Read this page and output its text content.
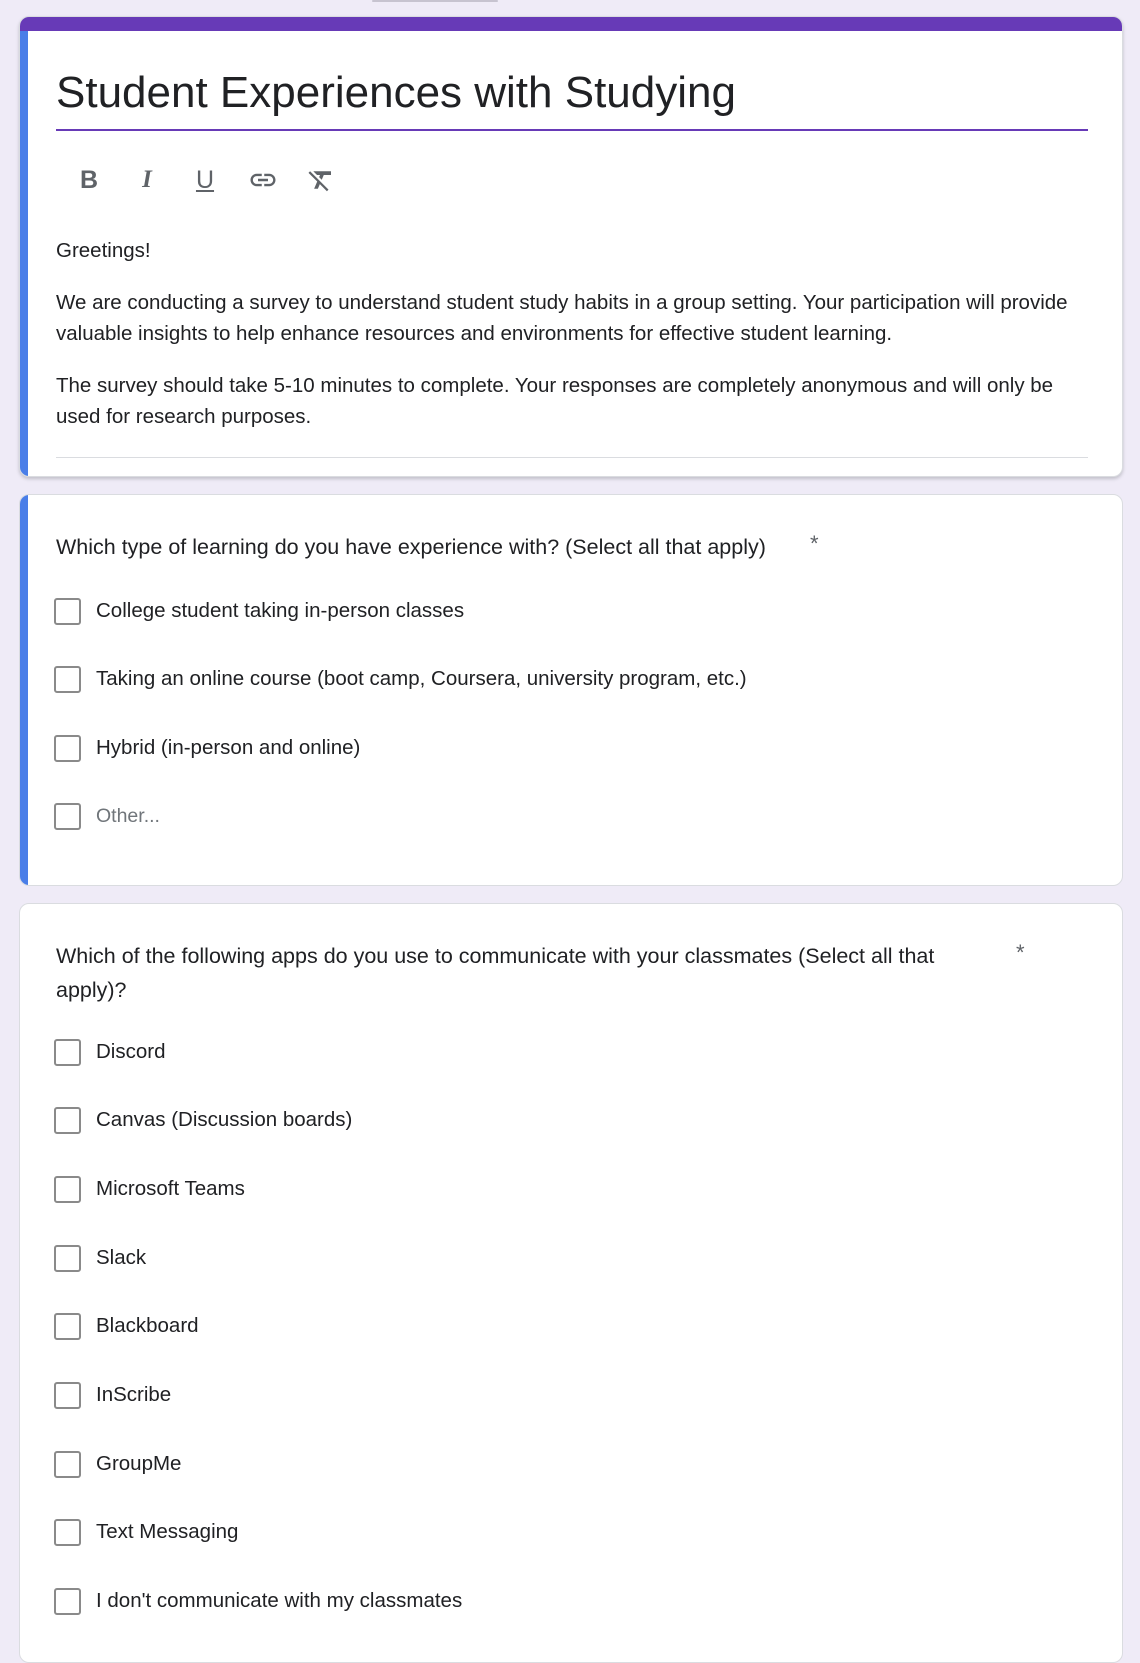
Student Experiences with Studying
B I U

Greetings!

We are conducting a survey to understand student study habits in a group setting. Your participation will provide valuable insights to help enhance resources and environments for effective student learning.

The survey should take 5-10 minutes to complete. Your responses are completely anonymous and will only be used for research purposes.

Which type of learning do you have experience with? (Select all that apply)	*
College student taking in-person classes
Taking an online course (boot camp, Coursera, university program, etc.)
Hybrid (in-person and online)
Other...
Which of the following apps do you use to communicate with your classmates (Select all that apply)?
*
Discord
Canvas (Discussion boards)
Microsoft Teams
Slack
Blackboard
InScribe
GroupMe
Text Messaging
I don't communicate with my classmates
